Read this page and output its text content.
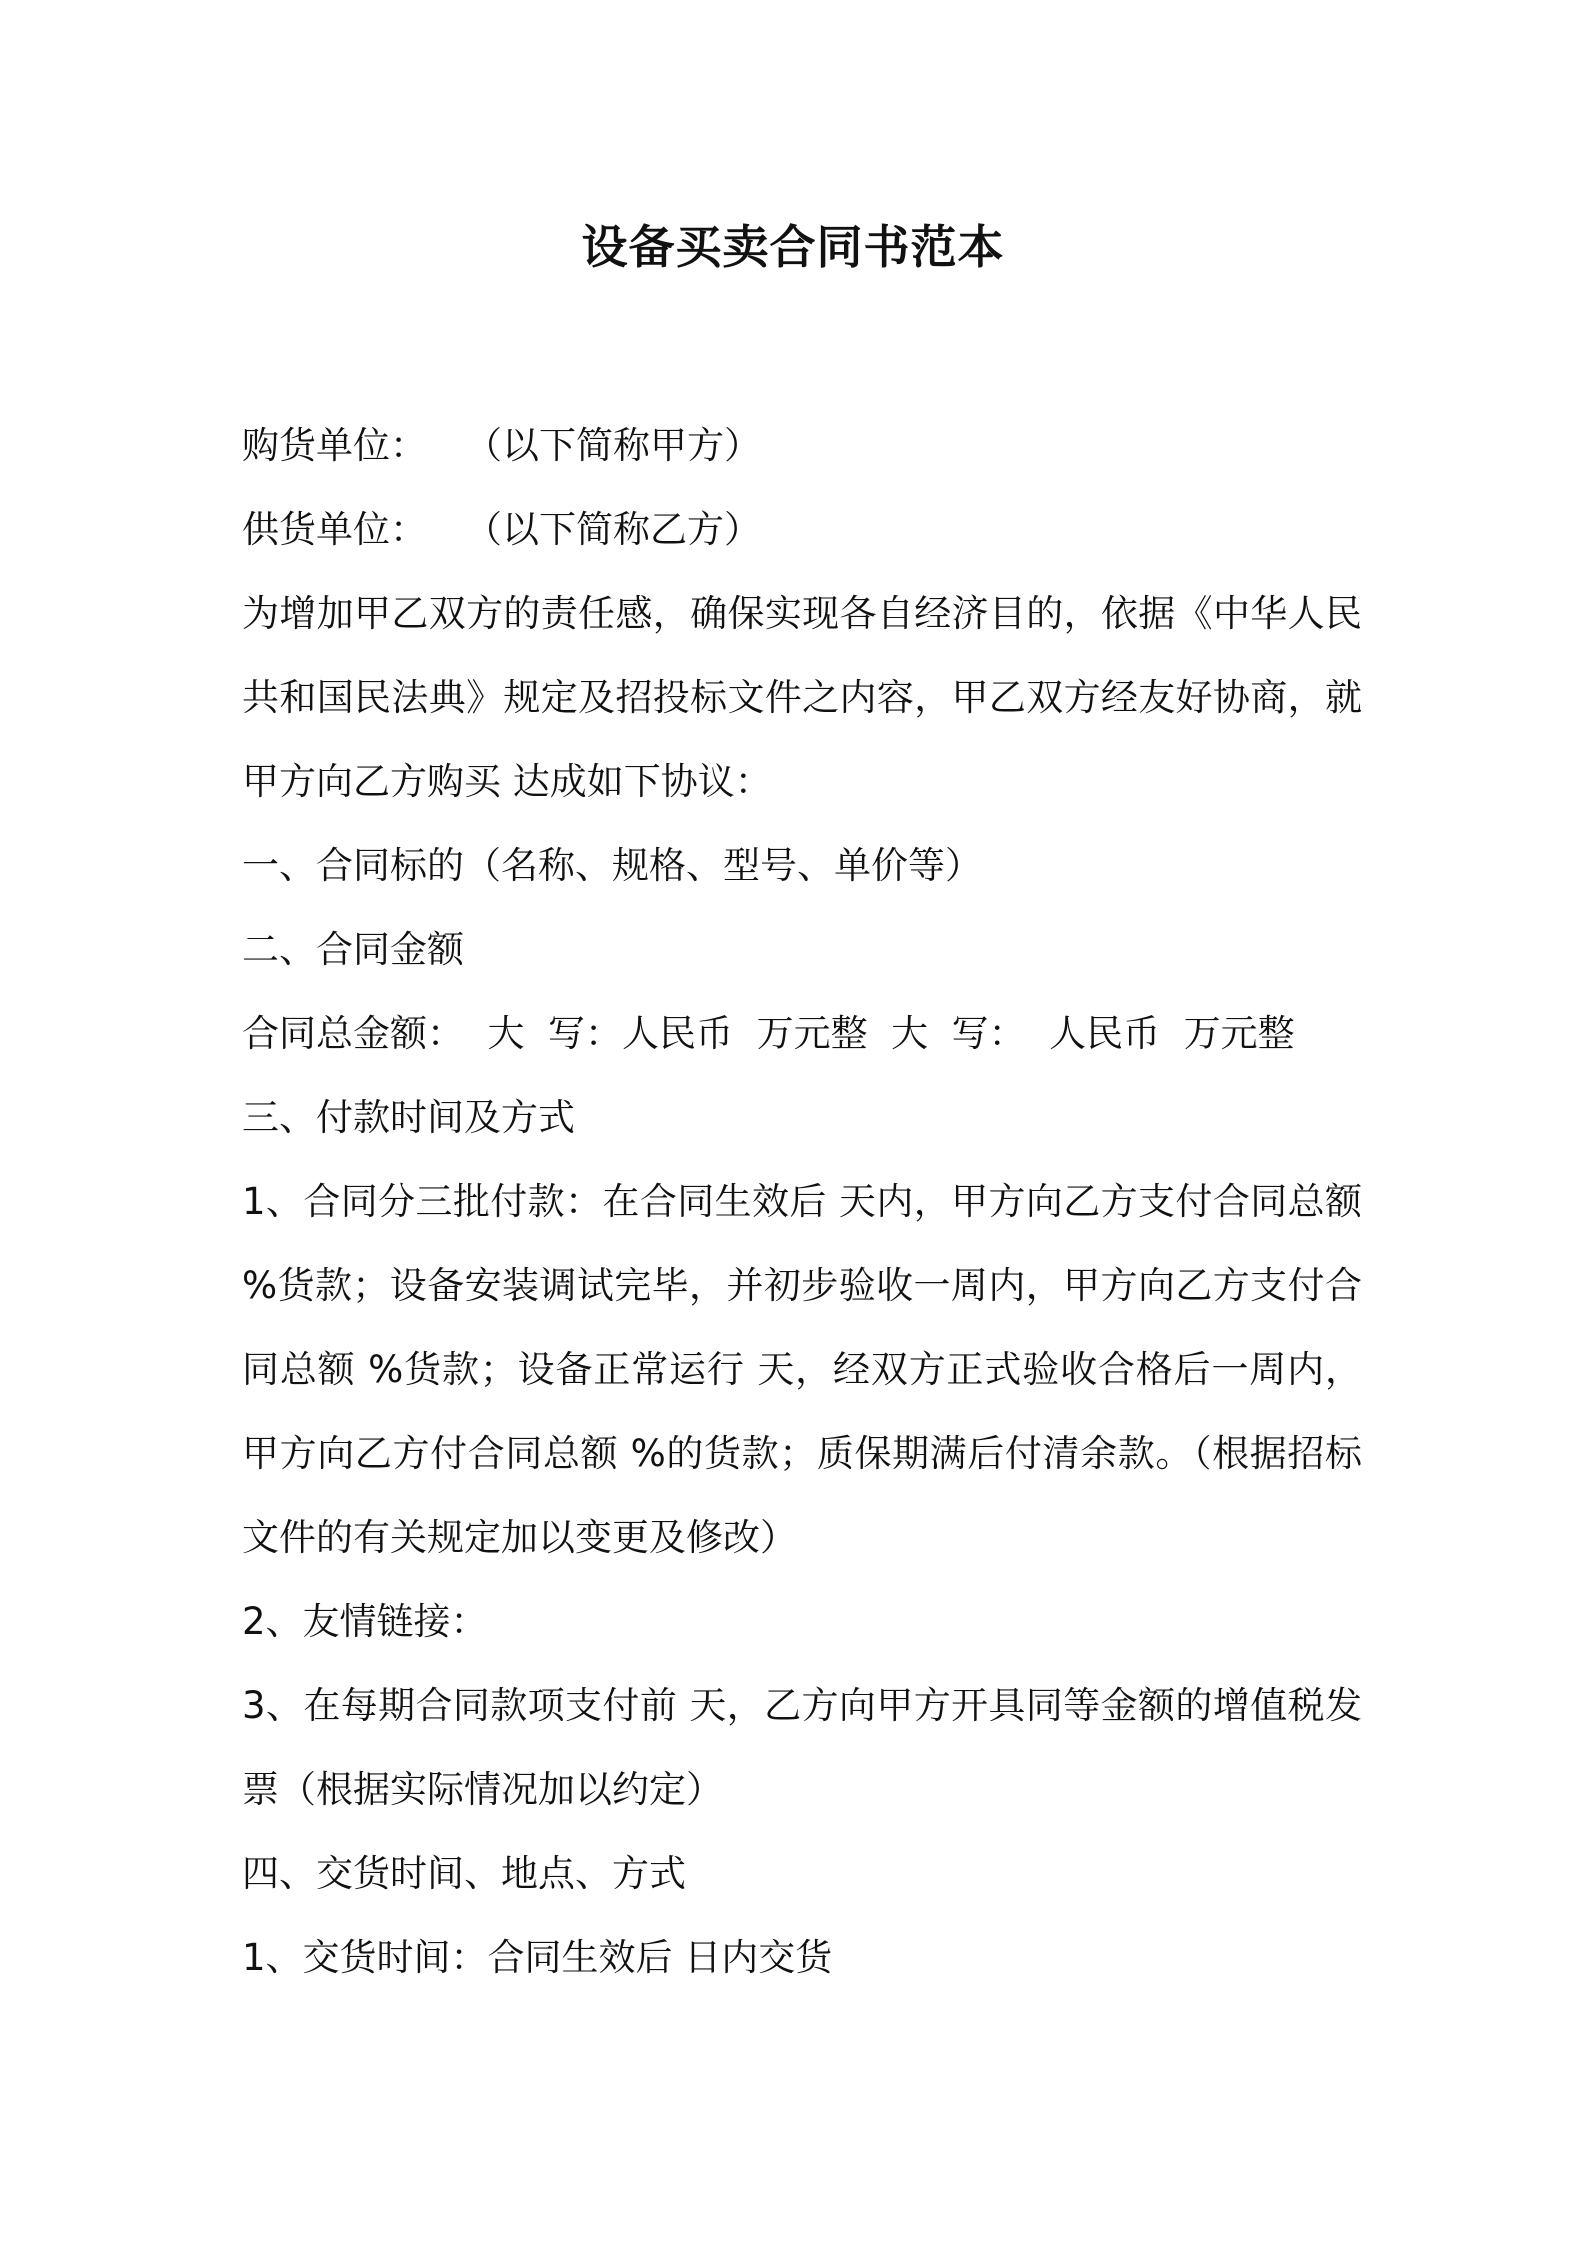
设备买卖合同书范本

购货单位： （以下简称甲方）

供货单位： （以下简称乙方）

为增加甲乙双方的责任感，确保实现各自经济目的，依据《中华人民共和国民法典》规定及招投标文件之内容，甲乙双方经友好协商，就甲方向乙方购买 达成如下协议：

一、合同标的（名称、规格、型号、单价等）

二、合同金额

合同总金额：  大  写：人民币  万元整  大  写：  人民币  万元整

三、付款时间及方式

1、合同分三批付款：在合同生效后 天内，甲方向乙方支付合同总额 %货款；设备安装调试完毕，并初步验收一周内，甲方向乙方支付合同总额 %货款；设备正常运行 天，经双方正式验收合格后一周内，甲方向乙方付合同总额 %的货款；质保期满后付清余款。（根据招标文件的有关规定加以变更及修改）

2、友情链接：

3、在每期合同款项支付前 天，乙方向甲方开具同等金额的增值税发票（根据实际情况加以约定）

四、交货时间、地点、方式

1、交货时间：合同生效后 日内交货
